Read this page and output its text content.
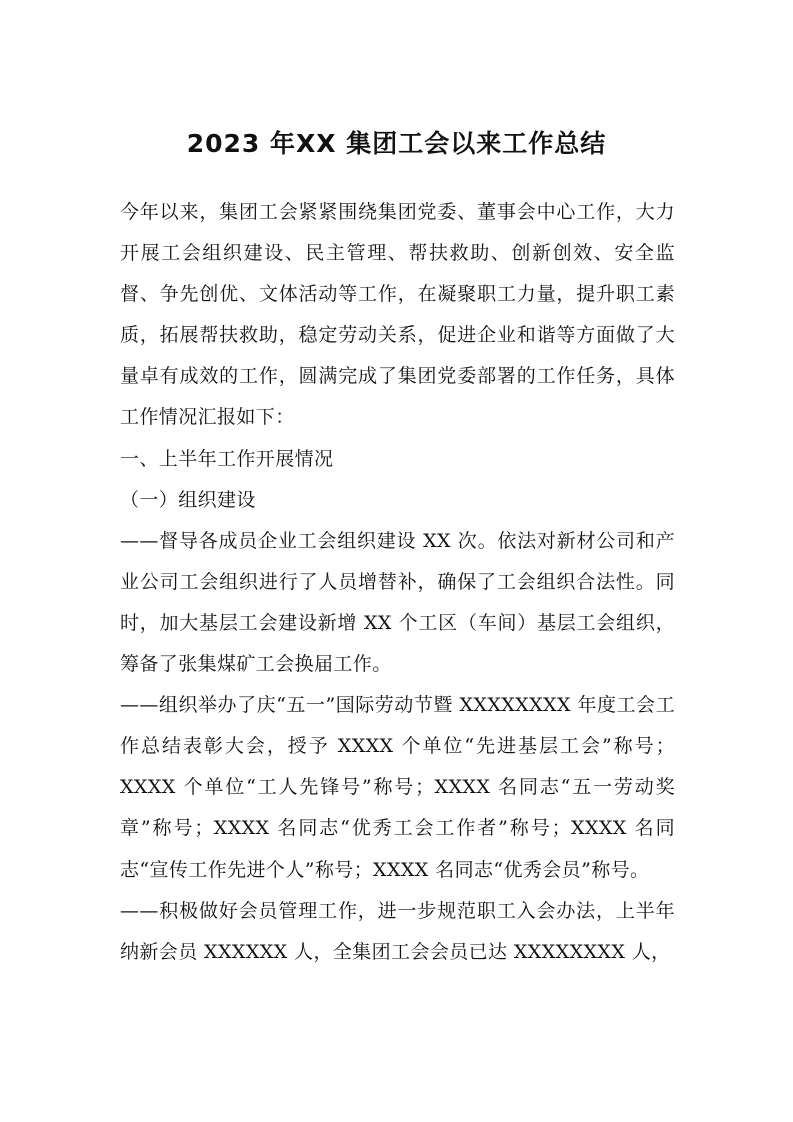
2023 年XX 集团工会以来工作总结

今年以来，集团工会紧紧围绕集团党委、董事会中心工作，大力开展工会组织建设、民主管理、帮扶救助、创新创效、安全监督、争先创优、文体活动等工作，在凝聚职工力量，提升职工素质，拓展帮扶救助，稳定劳动关系，促进企业和谐等方面做了大量卓有成效的工作，圆满完成了集团党委部署的工作任务，具体工作情况汇报如下：

一、上半年工作开展情况

（一）组织建设

——督导各成员企业工会组织建设 XX 次。依法对新材公司和产业公司工会组织进行了人员增替补，确保了工会组织合法性。同时，加大基层工会建设新增 XX 个工区（车间）基层工会组织，筹备了张集煤矿工会换届工作。

——组织举办了庆“五一”国际劳动节暨 XXXXXXXX 年度工会工作总结表彰大会，授予 XXXX 个单位“先进基层工会”称号；XXXX 个单位“工人先锋号”称号；XXXX 名同志“五一劳动奖章”称号；XXXX 名同志“优秀工会工作者”称号；XXXX 名同志“宣传工作先进个人”称号；XXXX 名同志“优秀会员”称号。

——积极做好会员管理工作，进一步规范职工入会办法，上半年纳新会员 XXXXXX 人，全集团工会会员已达 XXXXXXXX 人，
